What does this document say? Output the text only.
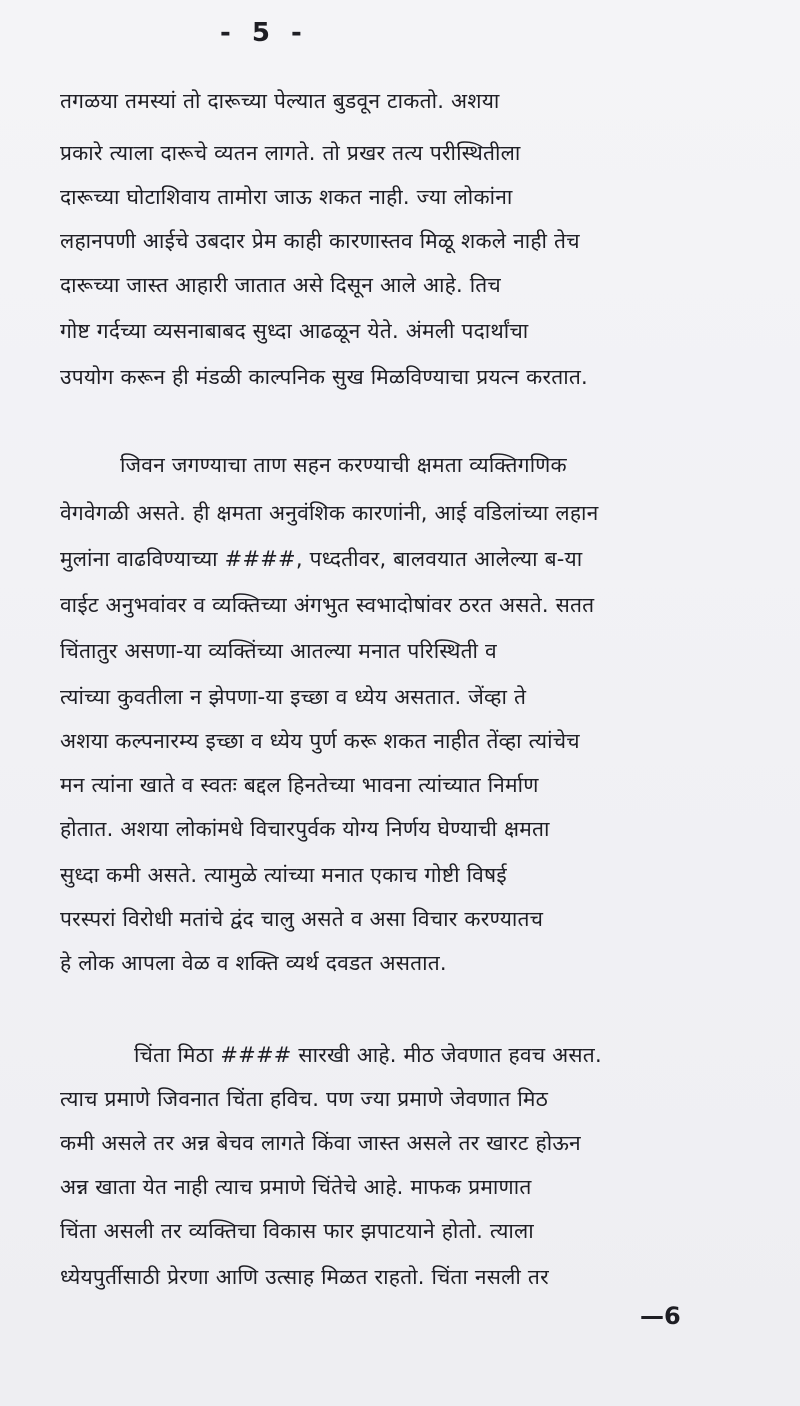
- 5 -
तगळया तमस्यां तो दारूच्या पेल्यात बुडवून टाकतो. अशया
प्रकारे त्याला दारूचे व्यतन लागते. तो प्रखर तत्य परीस्थितीला
दारूच्या घोटाशिवाय तामोरा जाऊ शकत नाही. ज्या लोकांना
लहानपणी आईचे उबदार प्रेम काही कारणास्तव मिळू शकले नाही तेच
दारूच्या जास्त आहारी जातात असे दिसून आले आहे. तिच
गोष्ट गर्दच्या व्यसनाबाबद सुध्दा आढळून येते. अंमली पदार्थांचा
उपयोग करून ही मंडळी काल्पनिक सुख मिळविण्याचा प्रयत्न करतात.
जिवन जगण्याचा ताण सहन करण्याची क्षमता व्यक्तिगणिक
वेगवेगळी असते. ही क्षमता अनुवंशिक कारणांनी, आई वडिलांच्या लहान
मुलांना वाढविण्याच्या ####, पध्दतीवर, बालवयात आलेल्या ब-या
वाईट अनुभवांवर व व्यक्तिच्या अंगभुत स्वभादोषांवर ठरत असते. सतत
चिंतातुर असणा-या व्यक्तिंच्या आतल्या मनात परिस्थिती व
त्यांच्या कुवतीला न झेपणा-या इच्छा व ध्येय असतात. जेंव्हा ते
अशया कल्पनारम्य इच्छा व ध्येय पुर्ण करू शकत नाहीत तेंव्हा त्यांचेच
मन त्यांना खाते व स्वतः बद्दल हिनतेच्या भावना त्यांच्यात निर्माण
होतात. अशया लोकांमधे विचारपुर्वक योग्य निर्णय घेण्याची क्षमता
सुध्दा कमी असते. त्यामुळे त्यांच्या मनात एकाच गोष्टी विषई
परस्परां विरोधी मतांचे द्वंद चालु असते व असा विचार करण्यातच
हे लोक आपला वेळ व शक्ति व्यर्थ दवडत असतात.
चिंता मिठा #### सारखी आहे. मीठ जेवणात हवच असत.
त्याच प्रमाणे जिवनात चिंता हविच. पण ज्या प्रमाणे जेवणात मिठ
कमी असले तर अन्न बेचव लागते किंवा जास्त असले तर खारट होऊन
अन्न खाता येत नाही त्याच प्रमाणे चिंतेचे आहे. माफक प्रमाणात
चिंता असली तर व्यक्तिचा विकास फार झपाटयाने होतो. त्याला
ध्येयपुर्तीसाठी प्रेरणा आणि उत्साह मिळत राहतो. चिंता नसली तर
—6
